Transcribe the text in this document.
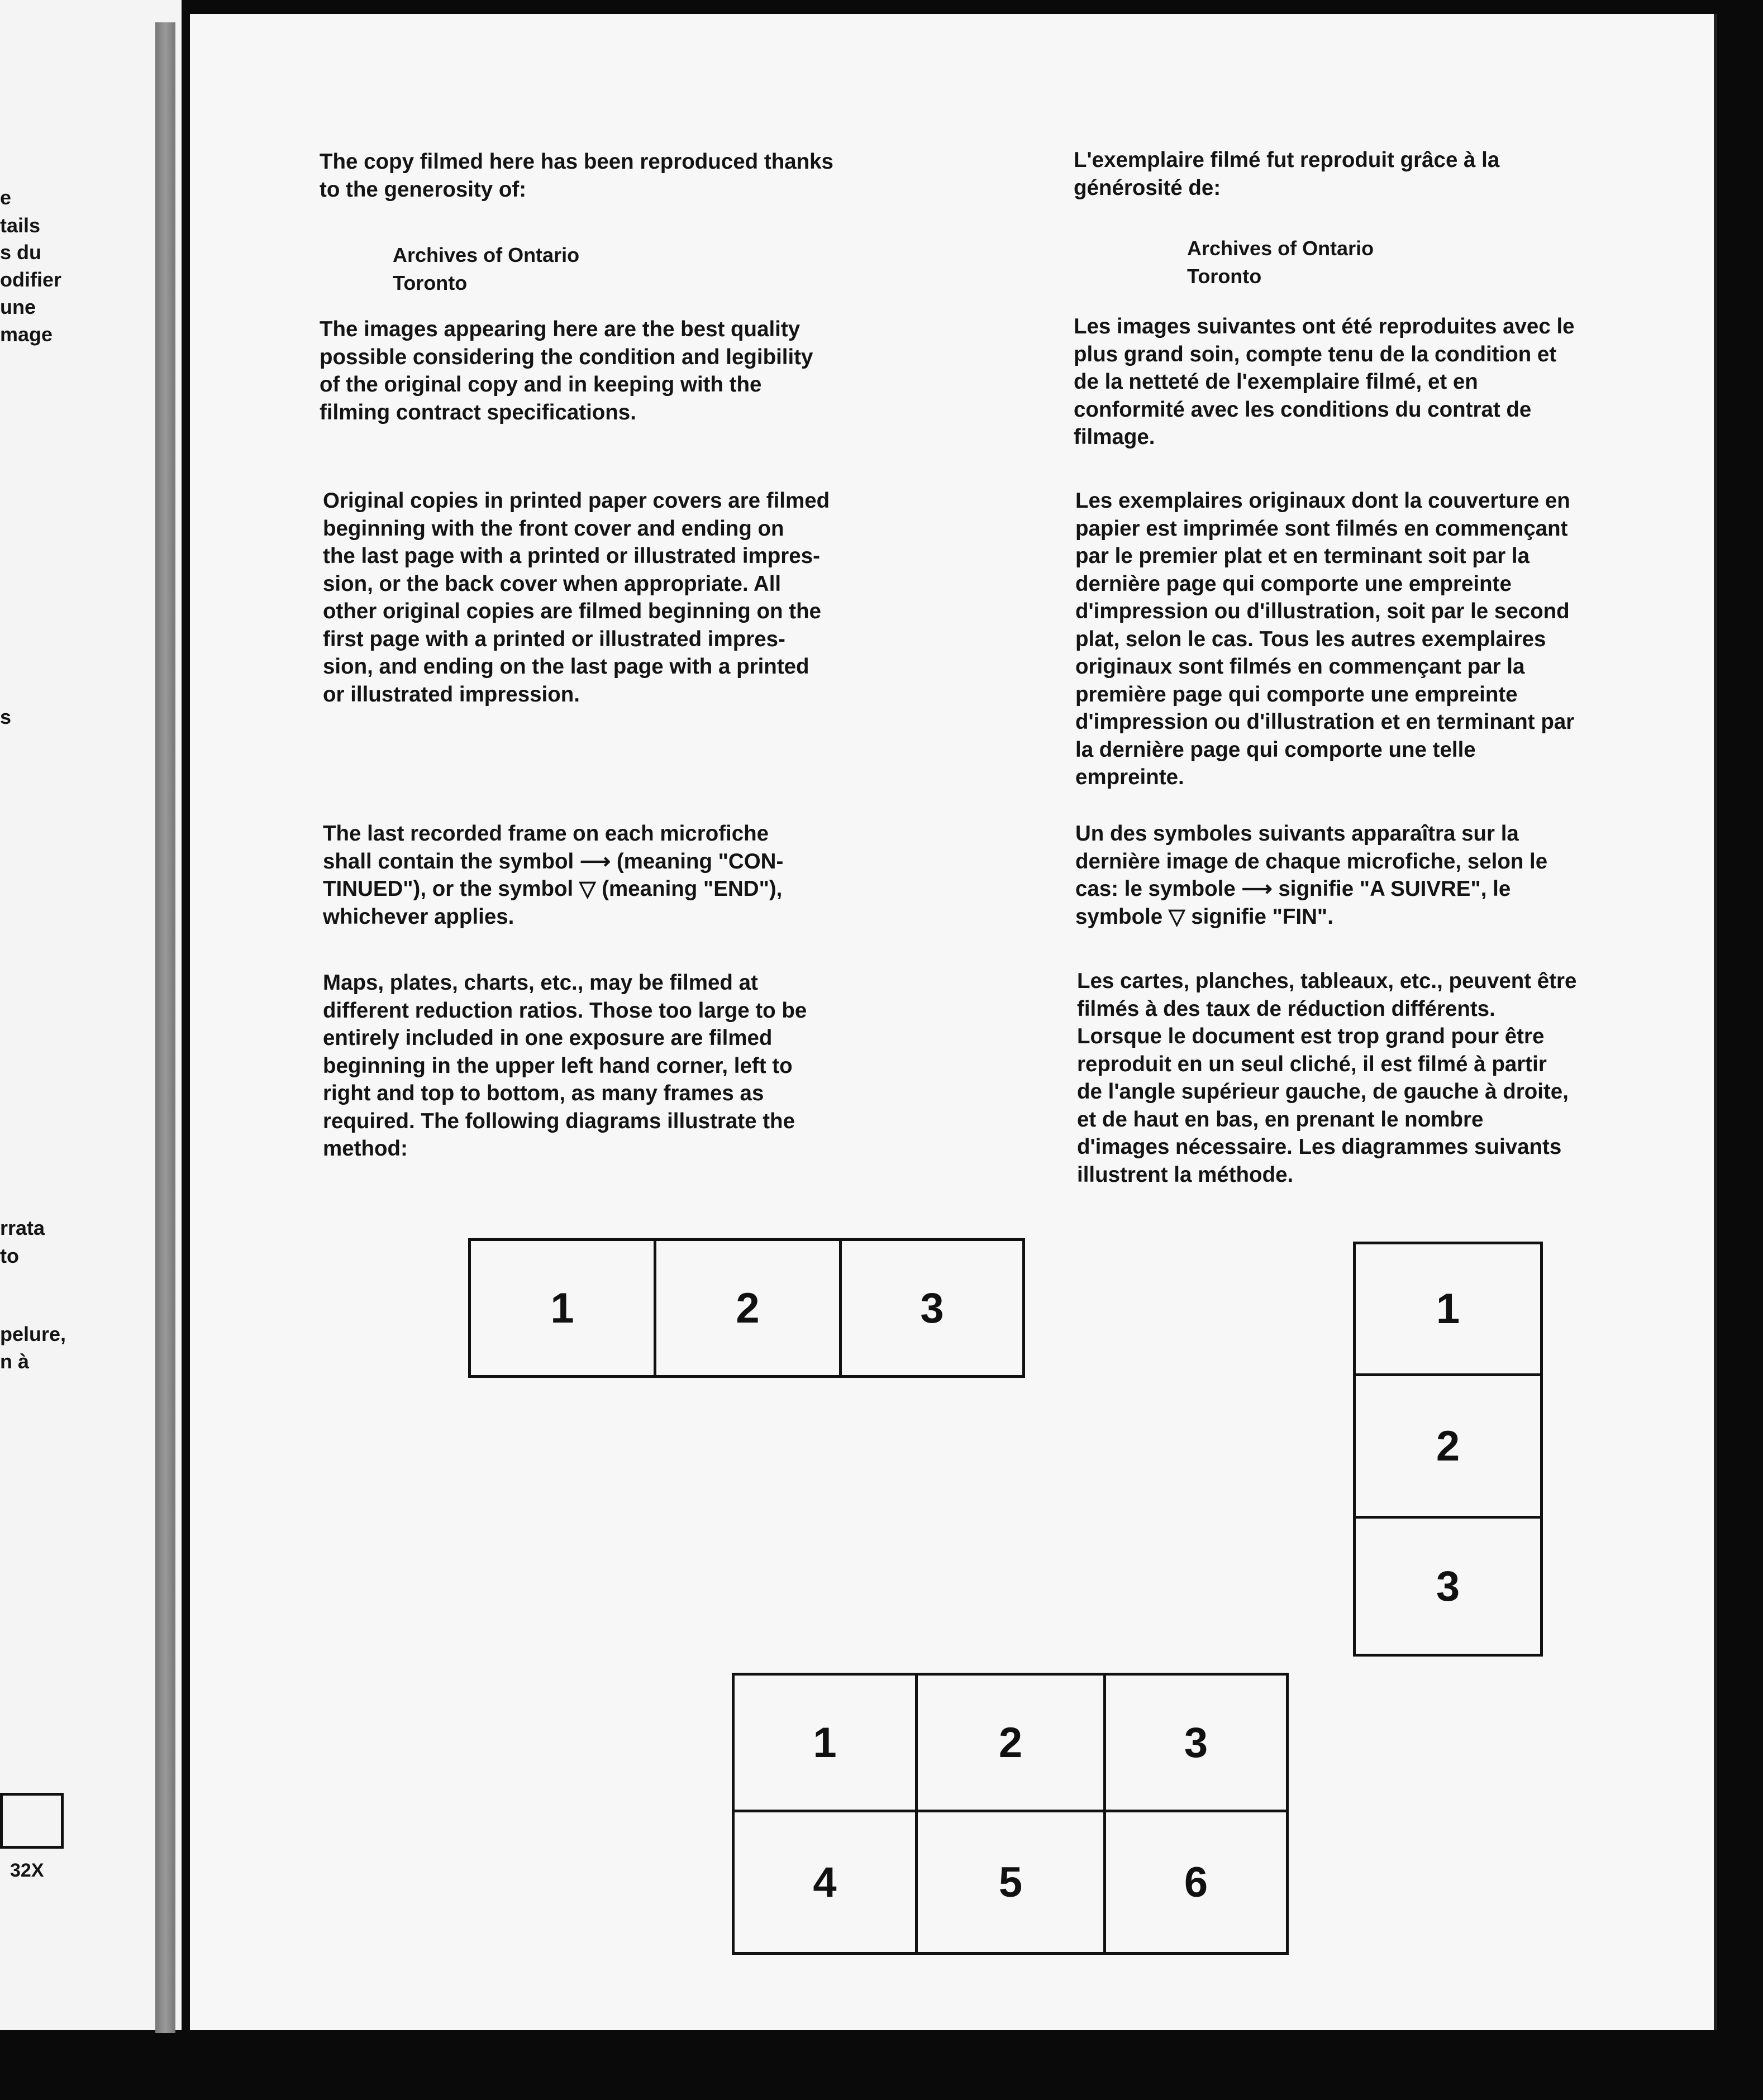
e
tails
s du
odifier
une
mage
s
rrata
to
pelure,
n à
32X
The copy filmed here has been reproduced thanks
to the generosity of:
Archives of Ontario
Toronto
The images appearing here are the best quality
possible considering the condition and legibility
of the original copy and in keeping with the
filming contract specifications.
Original copies in printed paper covers are filmed
beginning with the front cover and ending on
the last page with a printed or illustrated impres-
sion, or the back cover when appropriate. All
other original copies are filmed beginning on the
first page with a printed or illustrated impres-
sion, and ending on the last page with a printed
or illustrated impression.
The last recorded frame on each microfiche
shall contain the symbol ⟶ (meaning "CON-
TINUED"), or the symbol ▽ (meaning "END"),
whichever applies.
Maps, plates, charts, etc., may be filmed at
different reduction ratios. Those too large to be
entirely included in one exposure are filmed
beginning in the upper left hand corner, left to
right and top to bottom, as many frames as
required. The following diagrams illustrate the
method:
L'exemplaire filmé fut reproduit grâce à la
générosité de:
Archives of Ontario
Toronto
Les images suivantes ont été reproduites avec le
plus grand soin, compte tenu de la condition et
de la netteté de l'exemplaire filmé, et en
conformité avec les conditions du contrat de
filmage.
Les exemplaires originaux dont la couverture en
papier est imprimée sont filmés en commençant
par le premier plat et en terminant soit par la
dernière page qui comporte une empreinte
d'impression ou d'illustration, soit par le second
plat, selon le cas. Tous les autres exemplaires
originaux sont filmés en commençant par la
première page qui comporte une empreinte
d'impression ou d'illustration et en terminant par
la dernière page qui comporte une telle
empreinte.
Un des symboles suivants apparaîtra sur la
dernière image de chaque microfiche, selon le
cas: le symbole ⟶ signifie "A SUIVRE", le
symbole ▽ signifie "FIN".
Les cartes, planches, tableaux, etc., peuvent être
filmés à des taux de réduction différents.
Lorsque le document est trop grand pour être
reproduit en un seul cliché, il est filmé à partir
de l'angle supérieur gauche, de gauche à droite,
et de haut en bas, en prenant le nombre
d'images nécessaire. Les diagrammes suivants
illustrent la méthode.
1	2	3	1
2
3
1	2	3
4	5	6
